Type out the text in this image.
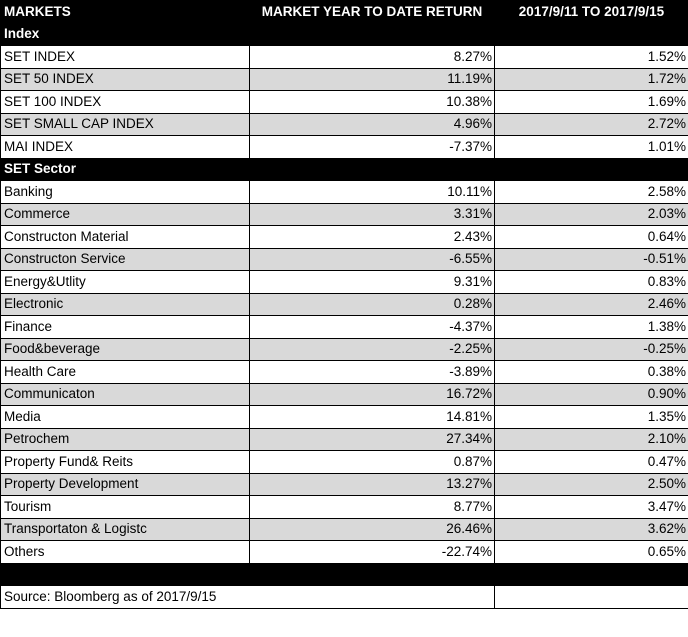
MARKETS	MARKET YEAR TO DATE RETURN	2017/9/11 TO 2017/9/15
Index		
SET INDEX	8.27%	1.52%
SET 50 INDEX	11.19%	1.72%
SET 100 INDEX	10.38%	1.69%
SET SMALL CAP INDEX	4.96%	2.72%
MAI INDEX	-7.37%	1.01%
SET Sector		
Banking	10.11%	2.58%
Commerce	3.31%	2.03%
Constructon Material	2.43%	0.64%
Constructon Service	-6.55%	-0.51%
Energy&Utlity	9.31%	0.83%
Electronic	0.28%	2.46%
Finance	-4.37%	1.38%
Food&beverage	-2.25%	-0.25%
Health Care	-3.89%	0.38%
Communicaton	16.72%	0.90%
Media	14.81%	1.35%
Petrochem	27.34%	2.10%
Property Fund& Reits	0.87%	0.47%
Property Development	13.27%	2.50%
Tourism	8.77%	3.47%
Transportaton & Logistc	26.46%	3.62%
Others	-22.74%	0.65%

Source: Bloomberg as of 2017/9/15		
